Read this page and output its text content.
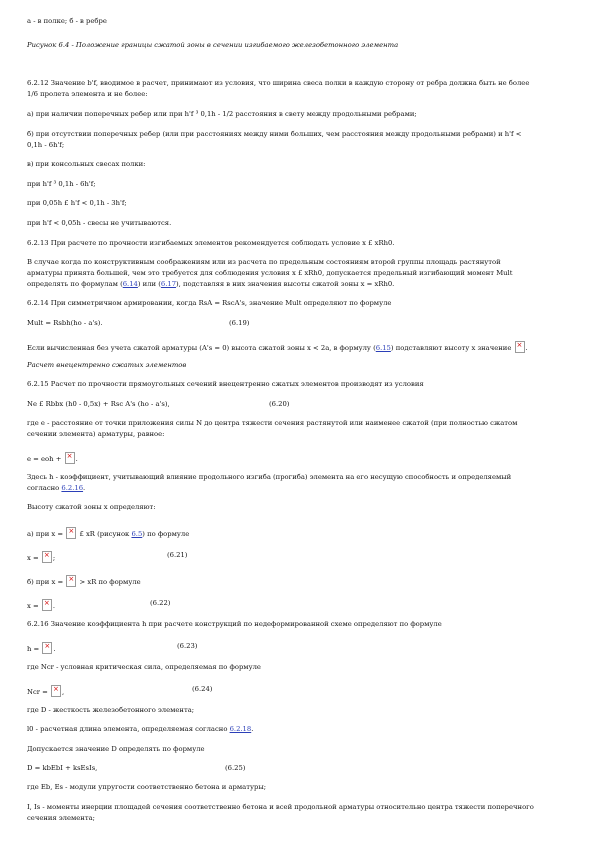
а - в полке; б - в ребре
Рисунок 6.4 - Положение границы сжатой зоны в сечении изгибаемого железобетонного элемента
6.2.12 Значение b'f, вводимое в расчет, принимают из условия, что ширина свеса полки в каждую сторону от ребра должна быть не более
1/6 пролета элемента и не более:
а) при наличии поперечных ребер или при h'f ³ 0,1h - 1/2 расстояния в свету между продольными ребрами;
б) при отсутствии поперечных ребер (или при расстояниях между ними больших, чем расстояния между продольными ребрами) и h'f <
0,1h - 6h'f;
в) при консольных свесах полки:
при h'f ³ 0,1h - 6h'f;
при 0,05h £ h'f < 0,1h - 3h'f;
при h'f < 0,05h - свесы не учитываются.
6.2.13 При расчете по прочности изгибаемых элементов рекомендуется соблюдать условие x £ xRh0.
В случае когда по конструктивным соображениям или из расчета по предельным состояниям второй группы площадь растянутой
арматуры принята большей, чем это требуется для соблюдения условия x £ xRh0, допускается предельный изгибающий момент Mult
определять по формулам (6.14) или (6.17), подставляя в них значения высоты сжатой зоны x = xRh0.
6.2.14 При симметричном армировании, когда RsA = RscA's, значение Mult определяют по формуле
Mult = Rsbh(ho - a's).	(6.19)
Если вычисленная без учета сжатой арматуры (A's = 0) высота сжатой зоны x < 2a, в формулу (6.15) подставляют высоту x значение × .
Расчет внецентренно сжатых элементов
6.2.15 Расчет по прочности прямоугольных сечений внецентренно сжатых элементов производят из условия
Ne £ Rbbx (h0 - 0,5x) + Rsc A's (ho - a's),	(6.20)
где е - расстояние от точки приложения силы N до центра тяжести сечения растянутой или наименее сжатой (при полностью сжатом
сечении элемента) арматуры, равное:
e = eoh + × .
Здесь h - коэффициент, учитывающий влияние продольного изгиба (прогиба) элемента на его несущую способность и определяемый
согласно 6.2.16.
Высоту сжатой зоны х определяют:
а) при x = × £ xR (рисунок 6.5) по формуле
x = × ;	(6.21)
б) при x = × > xR по формуле
x = × .	(6.22)
6.2.16 Значение коэффициента h при расчете конструкций по недеформированной схеме определяют по формуле
h = × .	(6.23)
где Ncr - условная критическая сила, определяемая по формуле
Ncr = × ,	(6.24)
где D - жесткость железобетонного элемента;
l0 - расчетная длина элемента, определяемая согласно 6.2.18.
Допускается значение D определять по формуле
D = kbEbI + ksEsIs,	(6.25)
где Eb, Es - модули упругости соответственно бетона и арматуры;
I, Is - моменты инерции площадей сечения соответственно бетона и всей продольной арматуры относительно центра тяжести поперечного
сечения элемента;
